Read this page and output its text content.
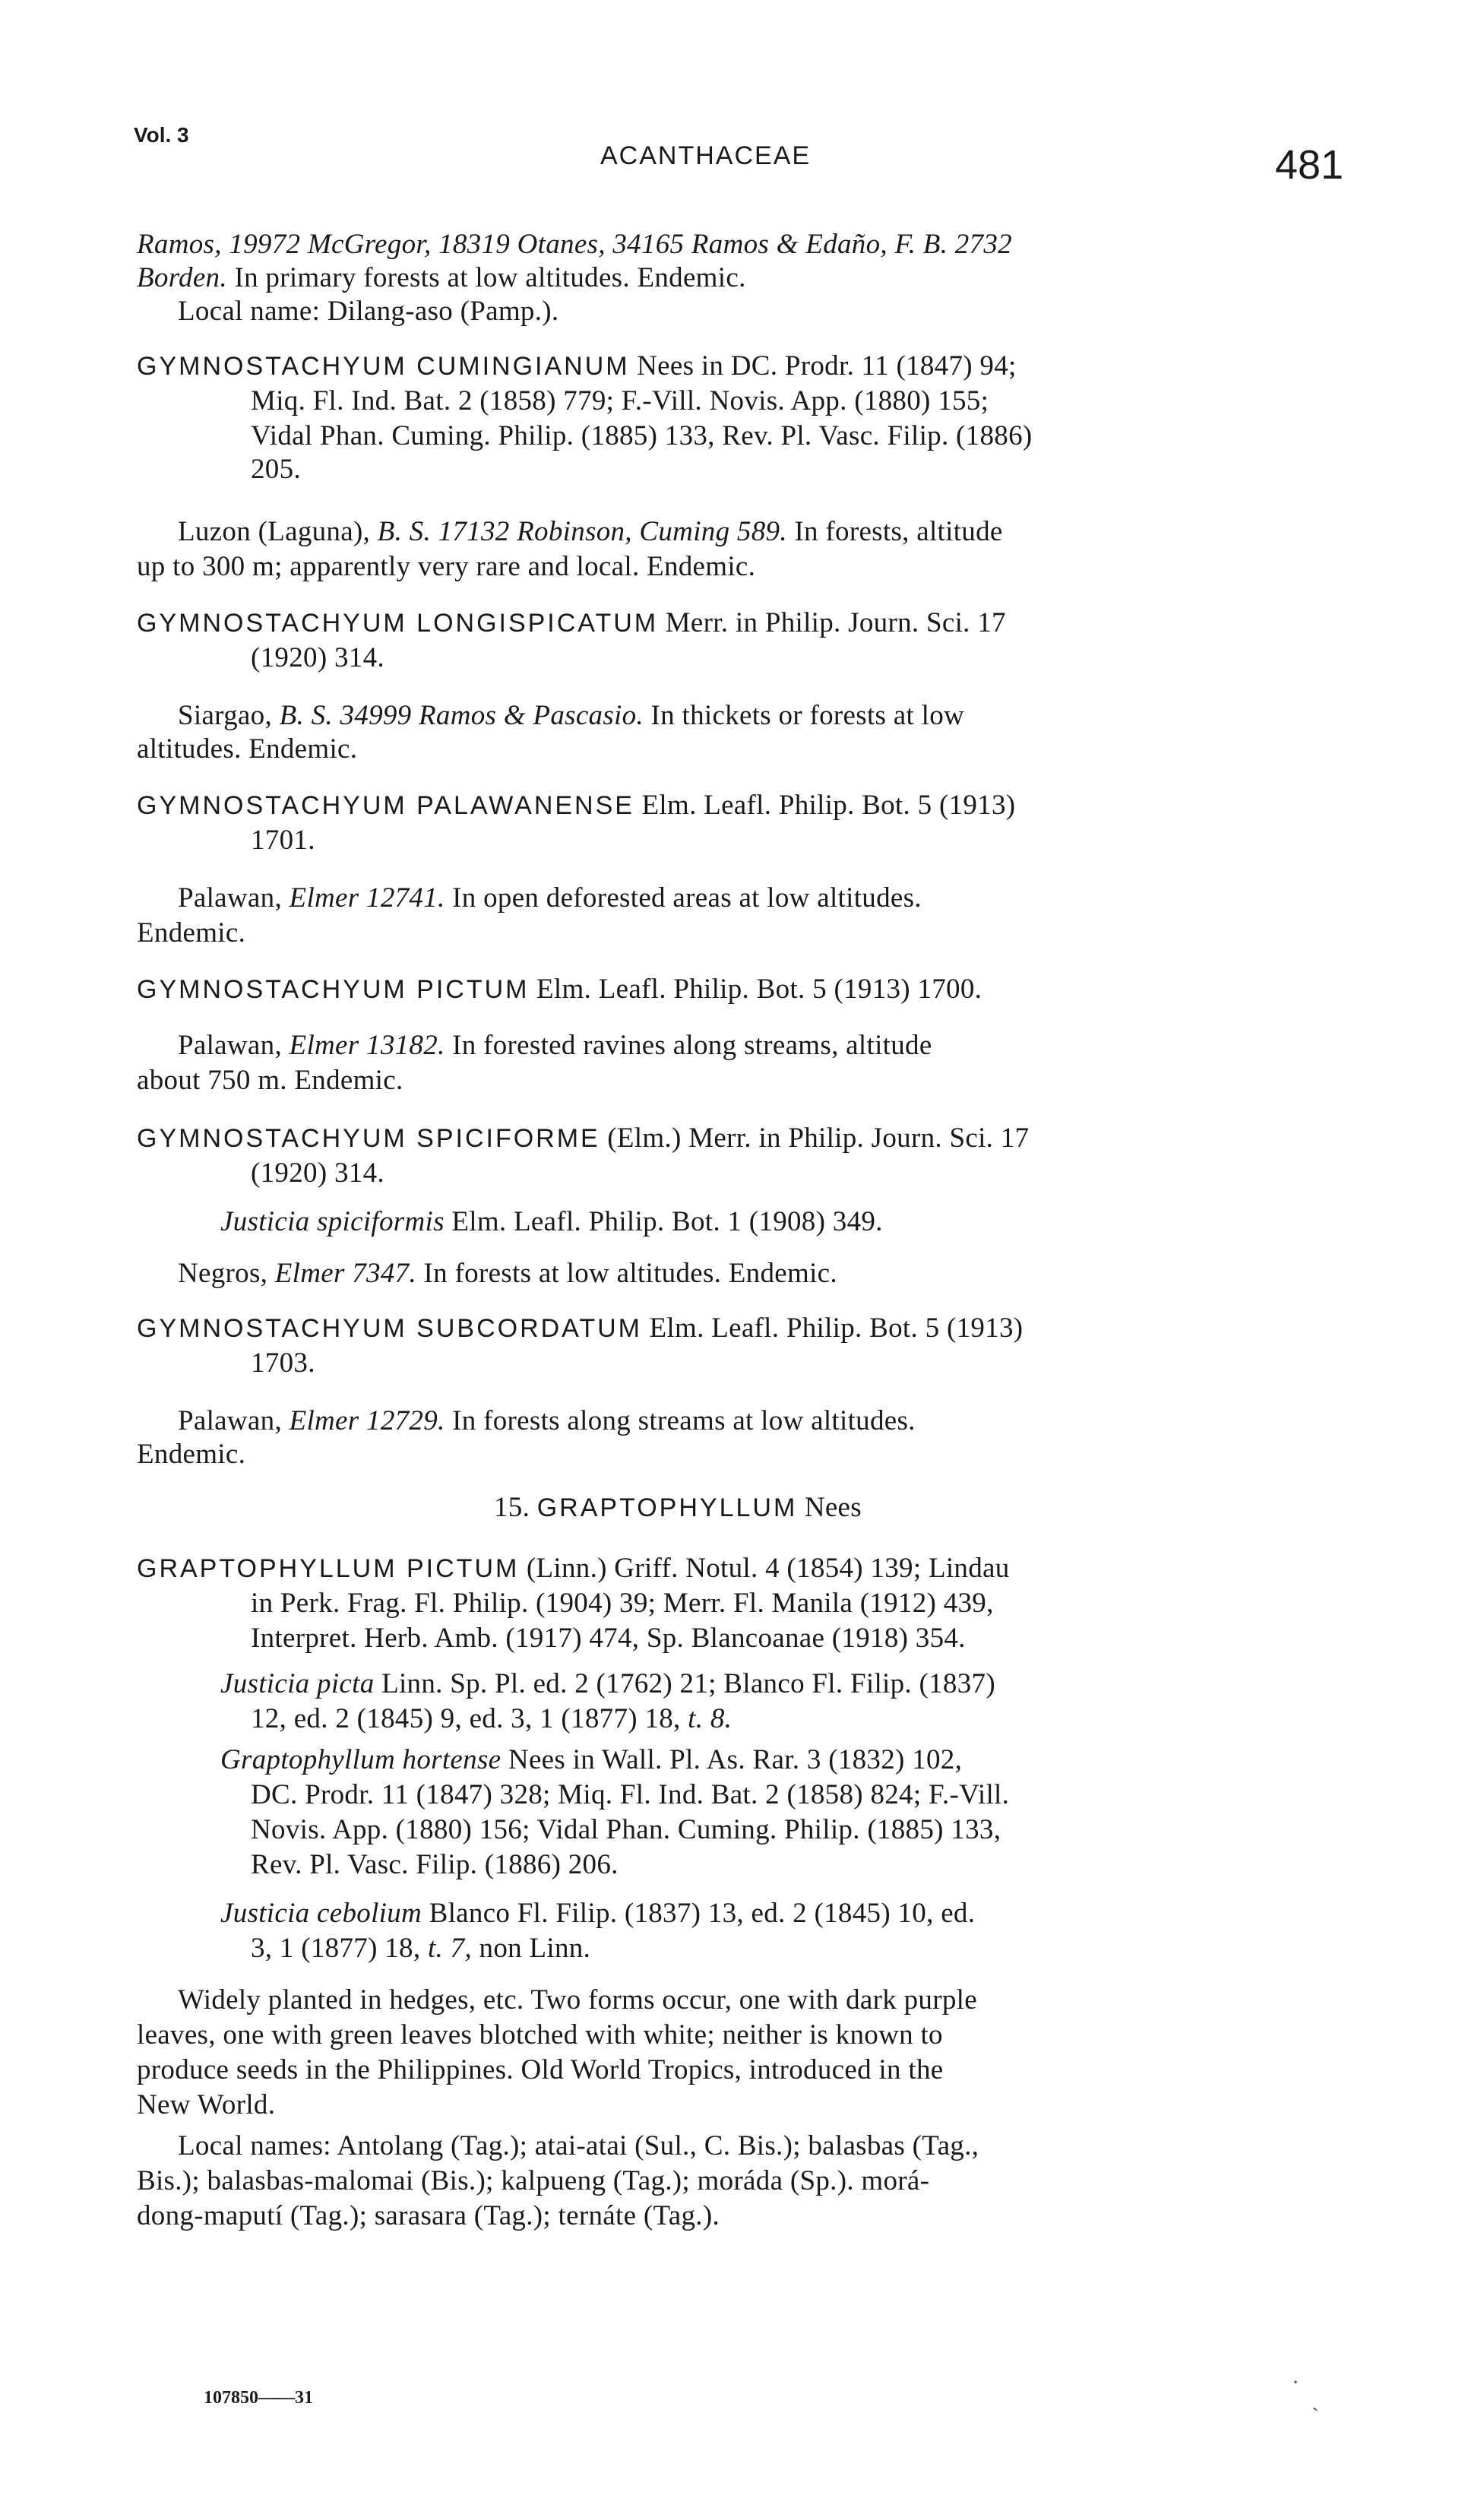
Vol. 3
ACANTHACEAE	481
Ramos, 19972 McGregor, 18319 Otanes, 34165 Ramos & Edaño, F. B. 2732
Borden. In primary forests at low altitudes. Endemic.
Local name: Dilang-aso (Pamp.).
GYMNOSTACHYUM CUMINGIANUM Nees in DC. Prodr. 11 (1847) 94;
Miq. Fl. Ind. Bat. 2 (1858) 779; F.-Vill. Novis. App. (1880) 155;
Vidal Phan. Cuming. Philip. (1885) 133, Rev. Pl. Vasc. Filip. (1886)
205.
Luzon (Laguna), B. S. 17132 Robinson, Cuming 589. In forests, altitude
up to 300 m; apparently very rare and local. Endemic.
GYMNOSTACHYUM LONGISPICATUM Merr. in Philip. Journ. Sci. 17
(1920) 314.
Siargao, B. S. 34999 Ramos & Pascasio. In thickets or forests at low
altitudes. Endemic.
GYMNOSTACHYUM PALAWANENSE Elm. Leafl. Philip. Bot. 5 (1913)
1701.
Palawan, Elmer 12741. In open deforested areas at low altitudes.
Endemic.
GYMNOSTACHYUM PICTUM Elm. Leafl. Philip. Bot. 5 (1913) 1700.
Palawan, Elmer 13182. In forested ravines along streams, altitude
about 750 m. Endemic.
GYMNOSTACHYUM SPICIFORME (Elm.) Merr. in Philip. Journ. Sci. 17
(1920) 314.
Justicia spiciformis Elm. Leafl. Philip. Bot. 1 (1908) 349.
Negros, Elmer 7347. In forests at low altitudes. Endemic.
GYMNOSTACHYUM SUBCORDATUM Elm. Leafl. Philip. Bot. 5 (1913)
1703.
Palawan, Elmer 12729. In forests along streams at low altitudes.
Endemic.
15. GRAPTOPHYLLUM Nees
GRAPTOPHYLLUM PICTUM (Linn.) Griff. Notul. 4 (1854) 139; Lindau
in Perk. Frag. Fl. Philip. (1904) 39; Merr. Fl. Manila (1912) 439,
Interpret. Herb. Amb. (1917) 474, Sp. Blancoanae (1918) 354.
Justicia picta Linn. Sp. Pl. ed. 2 (1762) 21; Blanco Fl. Filip. (1837)
12, ed. 2 (1845) 9, ed. 3, 1 (1877) 18, t. 8.
Graptophyllum hortense Nees in Wall. Pl. As. Rar. 3 (1832) 102,
DC. Prodr. 11 (1847) 328; Miq. Fl. Ind. Bat. 2 (1858) 824; F.-Vill.
Novis. App. (1880) 156; Vidal Phan. Cuming. Philip. (1885) 133,
Rev. Pl. Vasc. Filip. (1886) 206.
Justicia cebolium Blanco Fl. Filip. (1837) 13, ed. 2 (1845) 10, ed.
3, 1 (1877) 18, t. 7, non Linn.
Widely planted in hedges, etc. Two forms occur, one with dark purple
leaves, one with green leaves blotched with white; neither is known to
produce seeds in the Philippines. Old World Tropics, introduced in the
New World.
Local names: Antolang (Tag.); atai-atai (Sul., C. Bis.); balasbas (Tag.,
Bis.); balasbas-malomai (Bis.); kalpueng (Tag.); moráda (Sp.). morá-
dong-maputí (Tag.); sarasara (Tag.); ternáte (Tag.).
107850——31
·
ˏ
